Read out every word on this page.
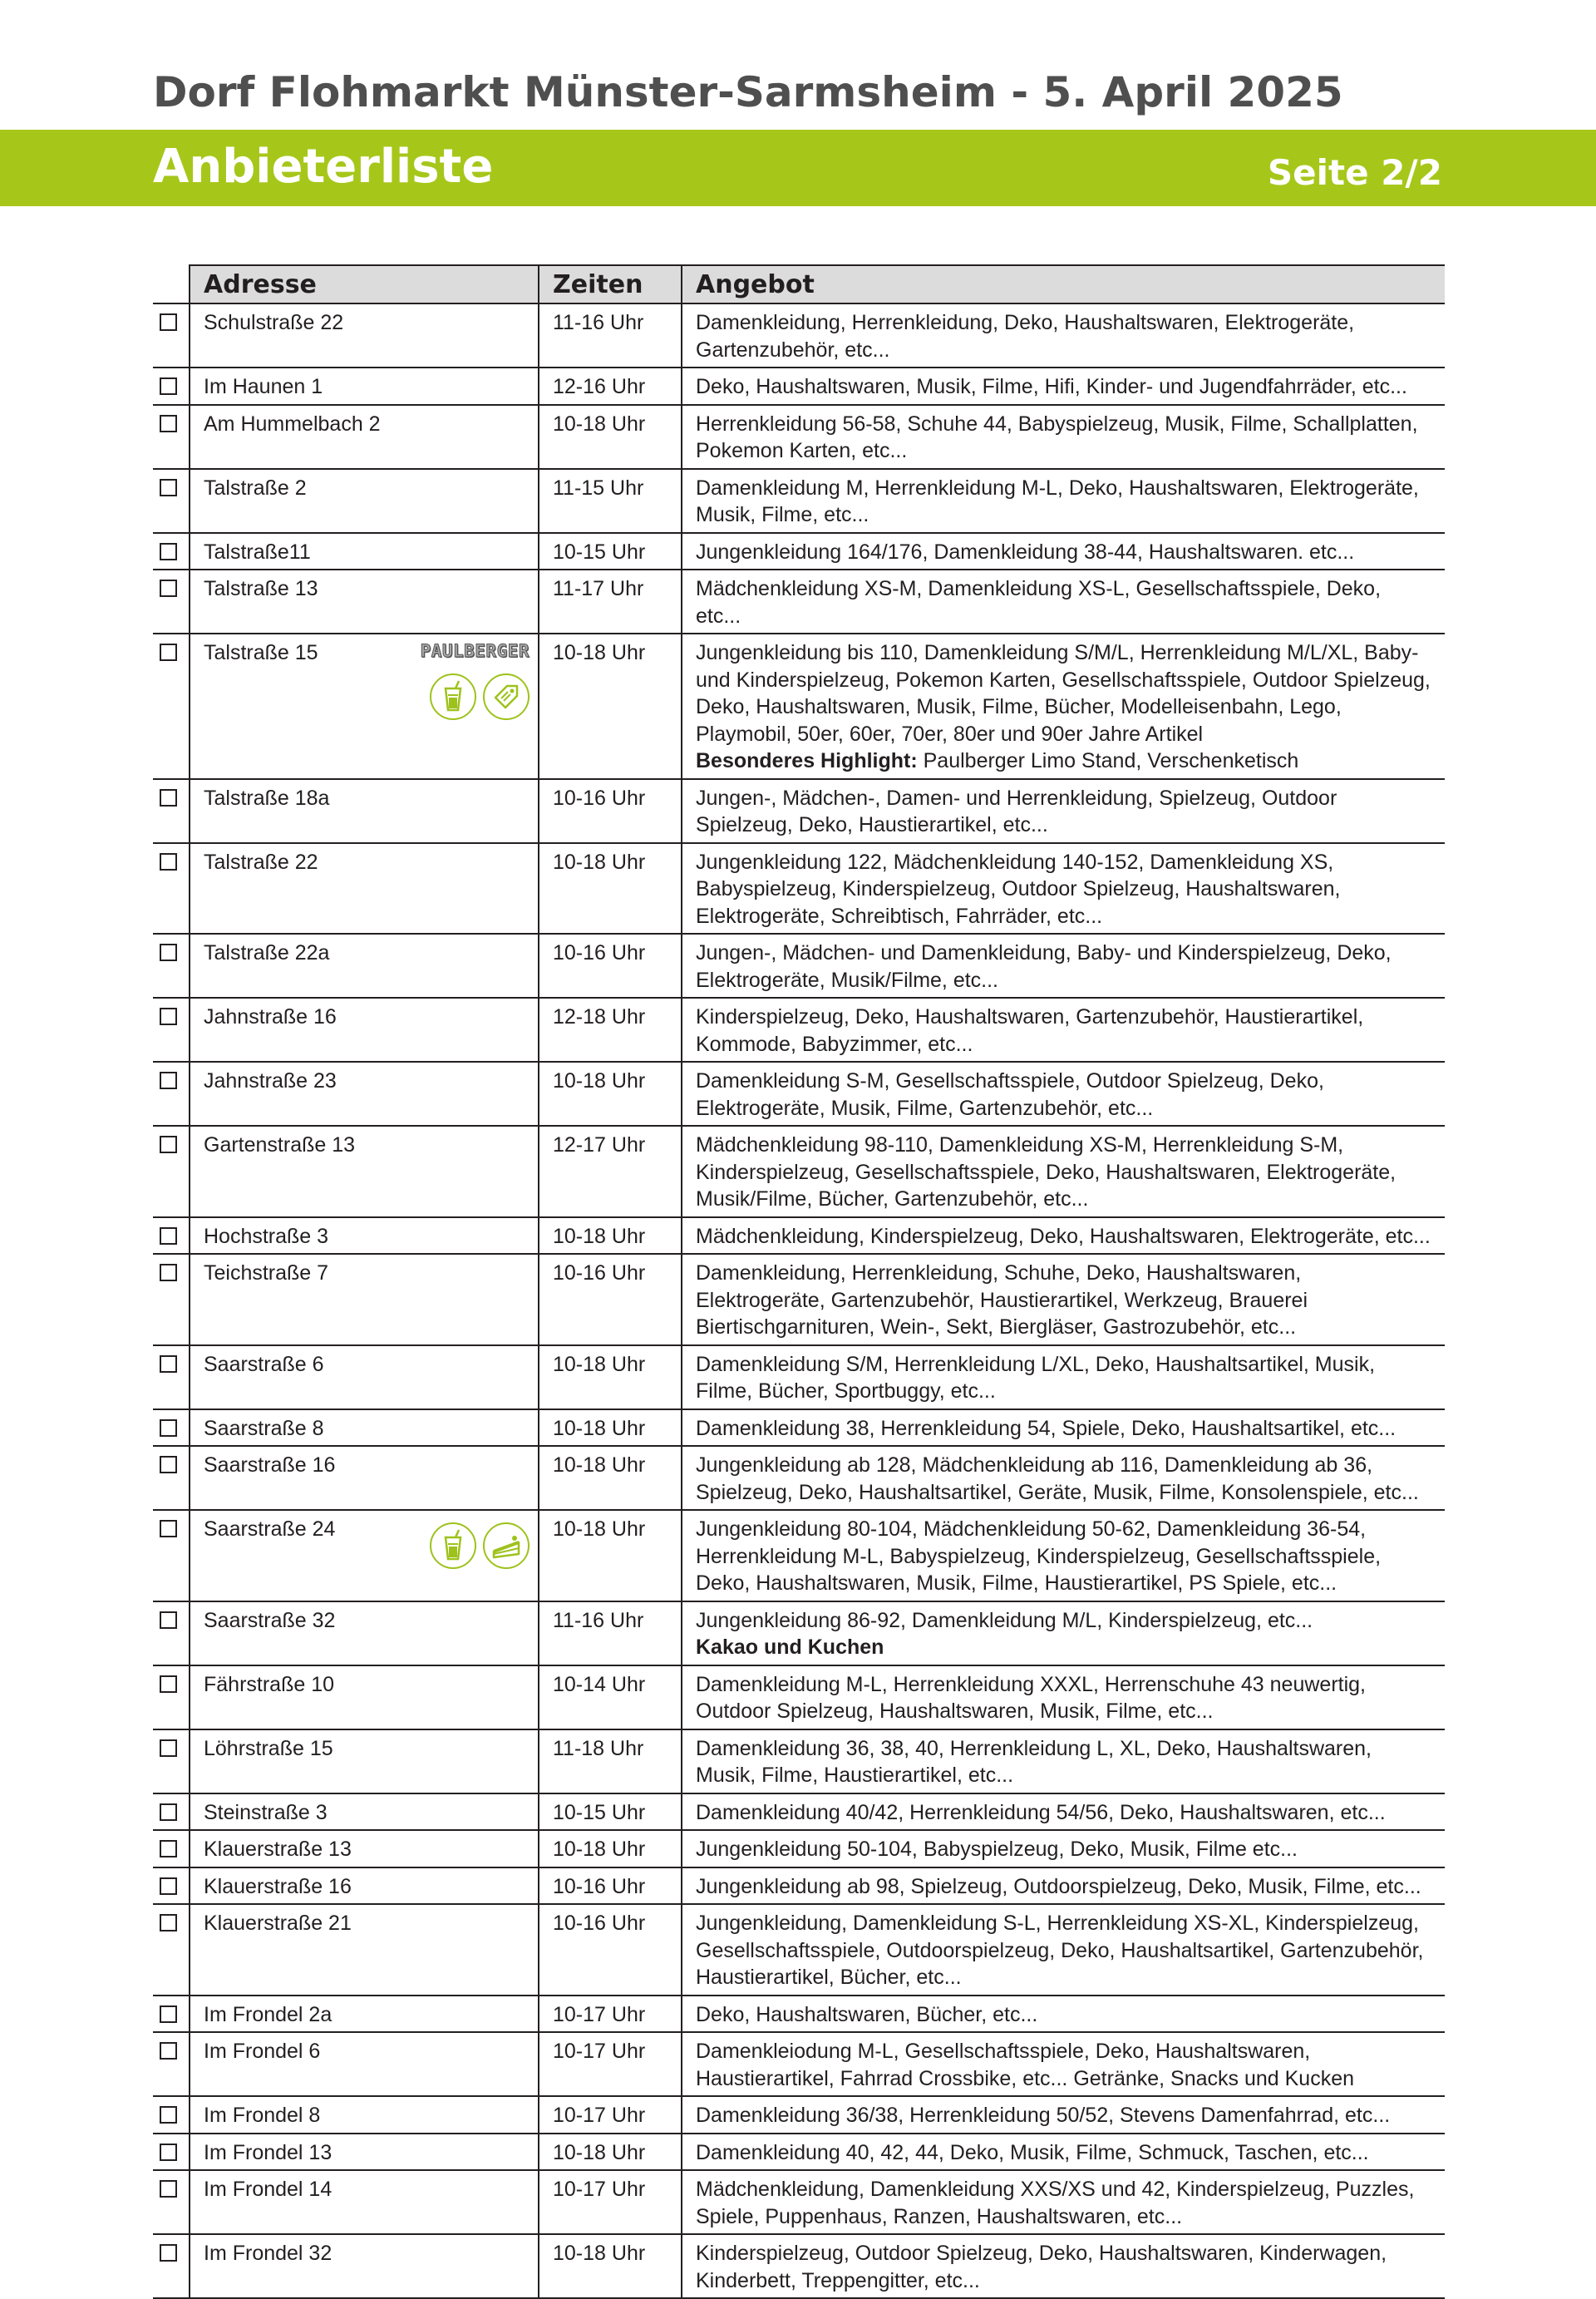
Dorf Flohmarkt Münster-Sarmsheim - 5. April 2025
Anbieterliste	Seite 2/2
	Adresse	Zeiten	Angebot
	Schulstraße 22	11-16 Uhr	Damenkleidung, Herrenkleidung, Deko, Haushaltswaren, Elektrogeräte, Gartenzubehör, etc...
	Im Haunen 1	12-16 Uhr	Deko, Haushaltswaren, Musik, Filme, Hifi, Kinder- und Jugendfahrräder, etc...
	Am Hummelbach 2	10-18 Uhr	Herrenkleidung 56-58, Schuhe 44, Babyspielzeug, Musik, Filme, Schallplatten, Pokemon Karten, etc...
	Talstraße 2	11-15 Uhr	Damenkleidung M, Herrenkleidung M-L, Deko, Haushaltswaren, Elektrogeräte, Musik, Filme, etc...
	Talstraße11	10-15 Uhr	Jungenkleidung 164/176, Damenkleidung 38-44, Haushaltswaren. etc...
	Talstraße 13	11-17 Uhr	Mädchenkleidung XS-M, Damenkleidung XS-L, Gesellschaftsspiele, Deko, etc...
	Talstraße 15 PAULBERGER	10-18 Uhr	Jungenkleidung bis 110, Damenkleidung S/M/L, Herrenkleidung M/L/XL, Baby- und Kinderspielzeug, Pokemon Karten, Gesellschaftsspiele, Outdoor Spielzeug, Deko, Haushaltswaren, Musik, Filme, Bücher, Modelleisenbahn, Lego, Playmobil, 50er, 60er, 70er, 80er und 90er Jahre Artikel
Besonderes Highlight: Paulberger Limo Stand, Verschenketisch

	Talstraße 18a	10-16 Uhr	Jungen-, Mädchen-, Damen- und Herrenkleidung, Spielzeug, Outdoor Spielzeug, Deko, Haustierartikel, etc...
	Talstraße 22	10-18 Uhr	Jungenkleidung 122, Mädchenkleidung 140-152, Damenkleidung XS, Babyspielzeug, Kinderspielzeug, Outdoor Spielzeug, Haushaltswaren, Elektrogeräte, Schreibtisch, Fahrräder, etc...
	Talstraße 22a	10-16 Uhr	Jungen-, Mädchen- und Damenkleidung, Baby- und Kinderspielzeug, Deko, Elektrogeräte, Musik/Filme, etc...
	Jahnstraße 16	12-18 Uhr	Kinderspielzeug, Deko, Haushaltswaren, Gartenzubehör, Haustierartikel, Kommode, Babyzimmer, etc...
	Jahnstraße 23	10-18 Uhr	Damenkleidung S-M, Gesellschaftsspiele, Outdoor Spielzeug, Deko, Elektrogeräte, Musik, Filme, Gartenzubehör, etc...
	Gartenstraße 13	12-17 Uhr	Mädchenkleidung 98-110, Damenkleidung XS-M, Herrenkleidung S-M, Kinderspielzeug, Gesellschaftsspiele, Deko, Haushaltswaren, Elektrogeräte, Musik/Filme, Bücher, Gartenzubehör, etc...
	Hochstraße 3	10-18 Uhr	Mädchenkleidung, Kinderspielzeug, Deko, Haushaltswaren, Elektrogeräte, etc...
	Teichstraße 7	10-16 Uhr	Damenkleidung, Herrenkleidung, Schuhe, Deko, Haushaltswaren, Elektrogeräte, Gartenzubehör, Haustierartikel, Werkzeug, Brauerei Biertischgarnituren, Wein-, Sekt, Biergläser, Gastrozubehör, etc...
	Saarstraße 6	10-18 Uhr	Damenkleidung S/M, Herrenkleidung L/XL, Deko, Haushaltsartikel, Musik, Filme, Bücher, Sportbuggy, etc...
	Saarstraße 8	10-18 Uhr	Damenkleidung 38, Herrenkleidung 54, Spiele, Deko, Haushaltsartikel, etc...
	Saarstraße 16	10-18 Uhr	Jungenkleidung ab 128, Mädchenkleidung ab 116, Damenkleidung ab 36, Spielzeug, Deko, Haushaltsartikel, Geräte, Musik, Filme, Konsolenspiele, etc...
	Saarstraße 24	10-18 Uhr	Jungenkleidung 80-104, Mädchenkleidung 50-62, Damenkleidung 36-54, Herrenkleidung M-L, Babyspielzeug, Kinderspielzeug, Gesellschaftsspiele, Deko, Haushaltswaren, Musik, Filme, Haustierartikel, PS Spiele, etc...
	Saarstraße 32	11-16 Uhr	Jungenkleidung 86-92, Damenkleidung M/L, Kinderspielzeug, etc...
Kakao und Kuchen

	Fährstraße 10	10-14 Uhr	Damenkleidung M-L, Herrenkleidung XXXL, Herrenschuhe 43 neuwertig, Outdoor Spielzeug, Haushaltswaren, Musik, Filme, etc...
	Löhrstraße 15	11-18 Uhr	Damenkleidung 36, 38, 40, Herrenkleidung L, XL, Deko, Haushaltswaren, Musik, Filme, Haustierartikel, etc...
	Steinstraße 3	10-15 Uhr	Damenkleidung 40/42, Herrenkleidung 54/56, Deko, Haushaltswaren, etc...
	Klauerstraße 13	10-18 Uhr	Jungenkleidung 50-104, Babyspielzeug, Deko, Musik, Filme etc...
	Klauerstraße 16	10-16 Uhr	Jungenkleidung ab 98, Spielzeug, Outdoorspielzeug, Deko, Musik, Filme, etc...
	Klauerstraße 21	10-16 Uhr	Jungenkleidung, Damenkleidung S-L, Herrenkleidung XS-XL, Kinderspielzeug, Gesellschaftsspiele, Outdoorspielzeug, Deko, Haushaltsartikel, Gartenzubehör, Haustierartikel, Bücher, etc...
	Im Frondel 2a	10-17 Uhr	Deko, Haushaltswaren, Bücher, etc...
	Im Frondel 6	10-17 Uhr	Damenkleiodung M-L, Gesellschaftsspiele, Deko, Haushaltswaren, Haustierartikel, Fahrrad Crossbike, etc... Getränke, Snacks und Kucken
	Im Frondel 8	10-17 Uhr	Damenkleidung 36/38, Herrenkleidung 50/52, Stevens Damenfahrrad, etc...
	Im Frondel 13	10-18 Uhr	Damenkleidung 40, 42, 44, Deko, Musik, Filme, Schmuck, Taschen, etc...
	Im Frondel 14	10-17 Uhr	Mädchenkleidung, Damenkleidung XXS/XS und 42, Kinderspielzeug, Puzzles, Spiele, Puppenhaus, Ranzen, Haushaltswaren, etc...
	Im Frondel 32	10-18 Uhr	Kinderspielzeug, Outdoor Spielzeug, Deko, Haushaltswaren, Kinderwagen, Kinderbett, Treppengitter, etc...
